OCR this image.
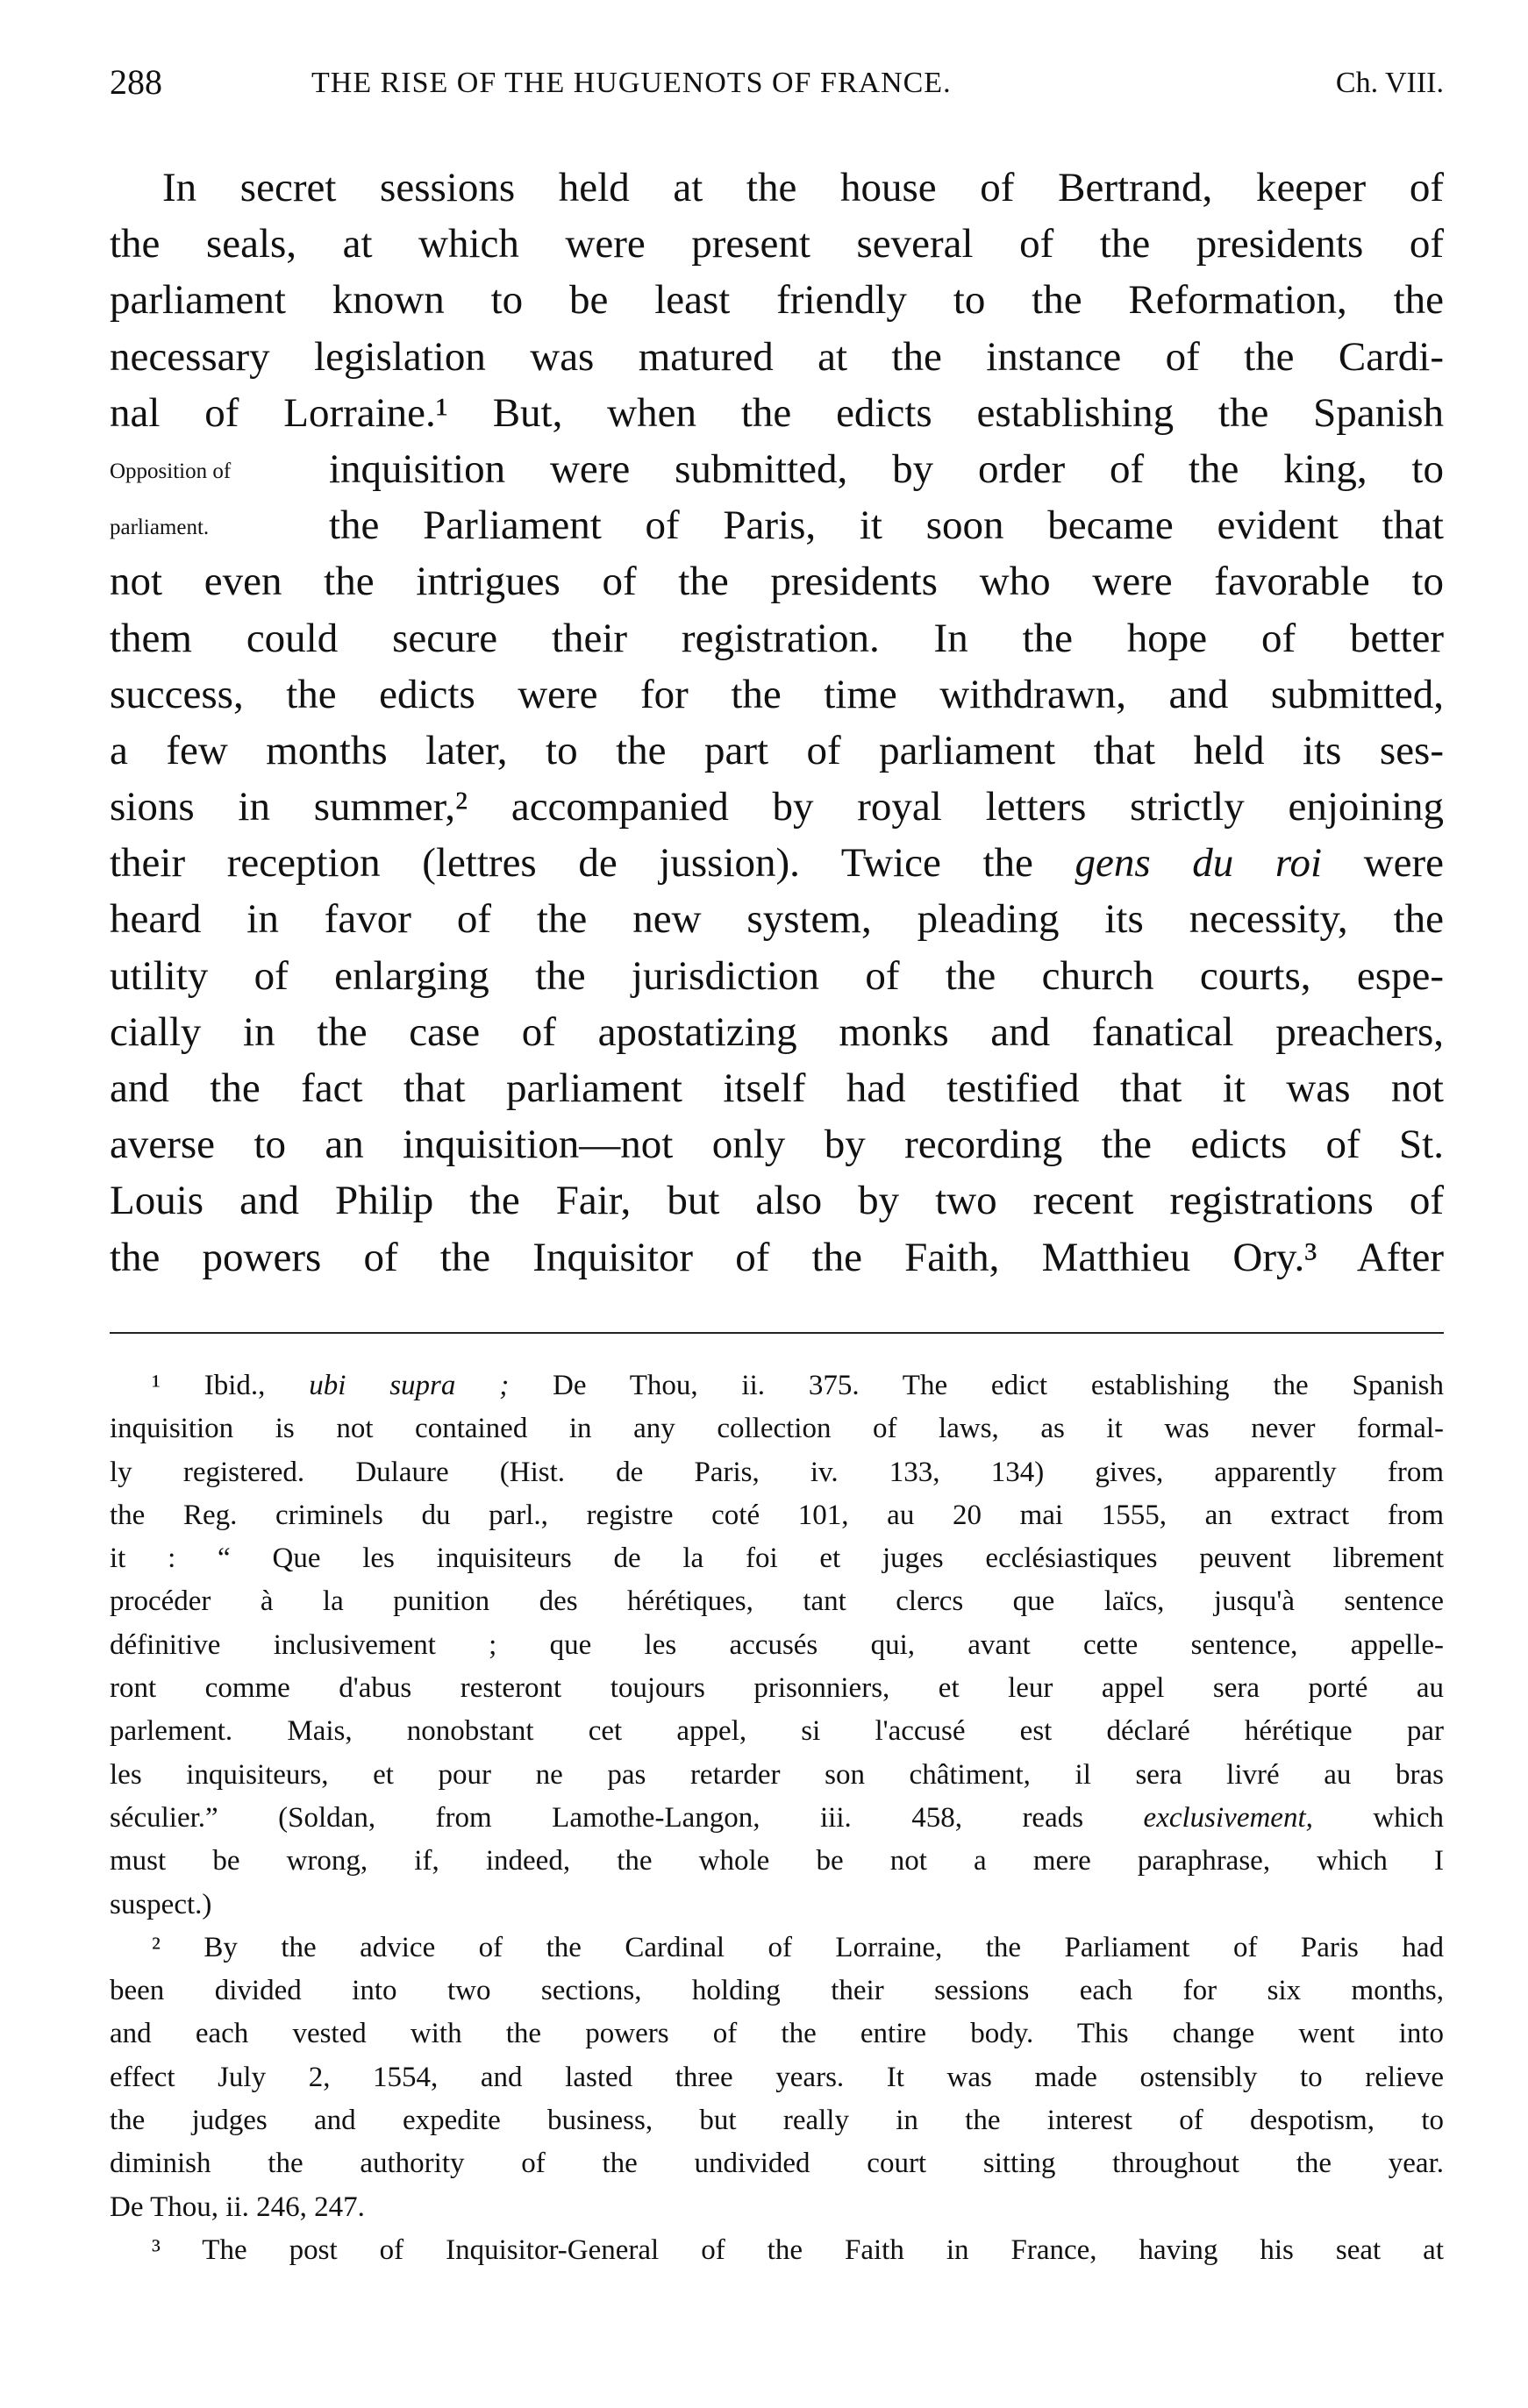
288	THE RISE OF THE HUGUENOTS OF FRANCE.	Ch. VIII.
Opposition of
parliament.
In secret sessions held at the house of Bertrand, keeper of
the seals, at which were present several of the presidents of
parliament known to be least friendly to the Reformation, the
necessary legislation was matured at the instance of the Cardi-
nal of Lorraine.¹ But, when the edicts establishing the Spanish
inquisition were submitted, by order of the king, to
the Parliament of Paris, it soon became evident that
not even the intrigues of the presidents who were favorable to
them could secure their registration. In the hope of better
success, the edicts were for the time withdrawn, and submitted,
a few months later, to the part of parliament that held its ses-
sions in summer,² accompanied by royal letters strictly enjoining
their reception (lettres de jussion). Twice the gens du roi were
heard in favor of the new system, pleading its necessity, the
utility of enlarging the jurisdiction of the church courts, espe-
cially in the case of apostatizing monks and fanatical preachers,
and the fact that parliament itself had testified that it was not
averse to an inquisition—not only by recording the edicts of St.
Louis and Philip the Fair, but also by two recent registrations of
the powers of the Inquisitor of the Faith, Matthieu Ory.³ After
¹ Ibid., ubi supra ; De Thou, ii. 375. The edict establishing the Spanish
inquisition is not contained in any collection of laws, as it was never formal-
ly registered. Dulaure (Hist. de Paris, iv. 133, 134) gives, apparently from
the Reg. criminels du parl., registre coté 101, au 20 mai 1555, an extract from
it : “ Que les inquisiteurs de la foi et juges ecclésiastiques peuvent librement
procéder à la punition des hérétiques, tant clercs que laïcs, jusqu'à sentence
définitive inclusivement ; que les accusés qui, avant cette sentence, appelle-
ront comme d'abus resteront toujours prisonniers, et leur appel sera porté au
parlement. Mais, nonobstant cet appel, si l'accusé est déclaré hérétique par
les inquisiteurs, et pour ne pas retarder son châtiment, il sera livré au bras
séculier.” (Soldan, from Lamothe-Langon, iii. 458, reads exclusivement, which
must be wrong, if, indeed, the whole be not a mere paraphrase, which I
suspect.)
² By the advice of the Cardinal of Lorraine, the Parliament of Paris had
been divided into two sections, holding their sessions each for six months,
and each vested with the powers of the entire body. This change went into
effect July 2, 1554, and lasted three years. It was made ostensibly to relieve
the judges and expedite business, but really in the interest of despotism, to
diminish the authority of the undivided court sitting throughout the year.
De Thou, ii. 246, 247.
³ The post of Inquisitor-General of the Faith in France, having his seat at
